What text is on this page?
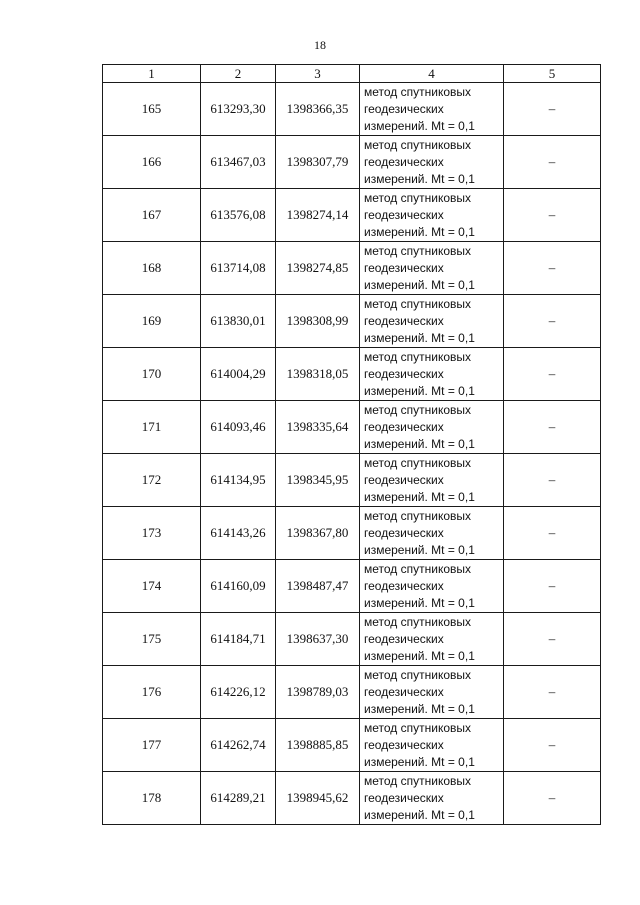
18
1	2	3	4	5
165	613293,30	1398366,35	метод спутниковых
геодезических
измерений. Mt = 0,1	–
166	613467,03	1398307,79	метод спутниковых
геодезических
измерений. Mt = 0,1	–
167	613576,08	1398274,14	метод спутниковых
геодезических
измерений. Mt = 0,1	–
168	613714,08	1398274,85	метод спутниковых
геодезических
измерений. Mt = 0,1	–
169	613830,01	1398308,99	метод спутниковых
геодезических
измерений. Mt = 0,1	–
170	614004,29	1398318,05	метод спутниковых
геодезических
измерений. Mt = 0,1	–
171	614093,46	1398335,64	метод спутниковых
геодезических
измерений. Mt = 0,1	–
172	614134,95	1398345,95	метод спутниковых
геодезических
измерений. Mt = 0,1	–
173	614143,26	1398367,80	метод спутниковых
геодезических
измерений. Mt = 0,1	–
174	614160,09	1398487,47	метод спутниковых
геодезических
измерений. Mt = 0,1	–
175	614184,71	1398637,30	метод спутниковых
геодезических
измерений. Mt = 0,1	–
176	614226,12	1398789,03	метод спутниковых
геодезических
измерений. Mt = 0,1	–
177	614262,74	1398885,85	метод спутниковых
геодезических
измерений. Mt = 0,1	–
178	614289,21	1398945,62	метод спутниковых
геодезических
измерений. Mt = 0,1	–
